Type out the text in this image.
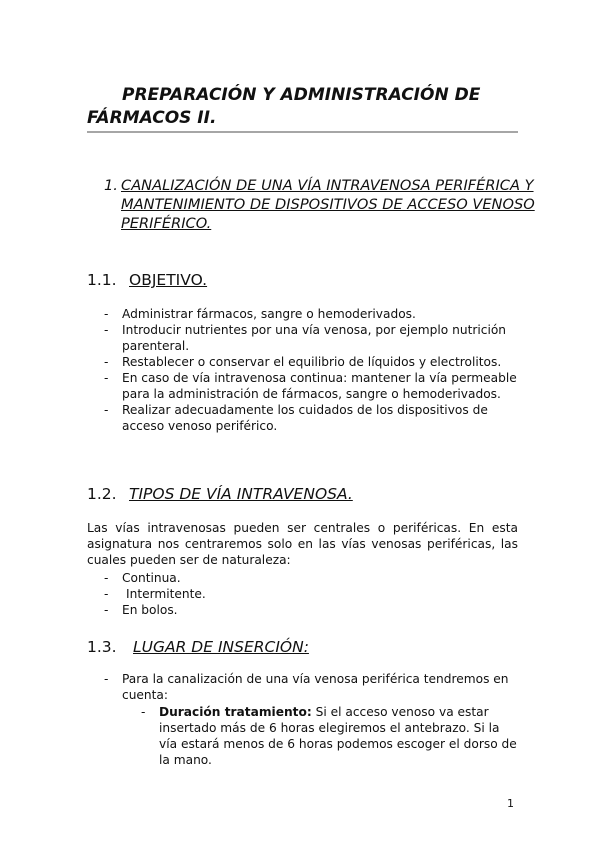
PREPARACIÓN Y ADMINISTRACIÓN DE FÁRMACOS II.
1. CANALIZACIÓN DE UNA VÍA INTRAVENOSA PERIFÉRICA Y MANTENIMIENTO DE DISPOSITIVOS DE ACCESO VENOSO PERIFÉRICO.
1.1. OBJETIVO.
- Administrar fármacos, sangre o hemoderivados.
- Introducir nutrientes por una vía venosa, por ejemplo nutrición parenteral.
- Restablecer o conservar el equilibrio de líquidos y electrolitos.
- En caso de vía intravenosa continua: mantener la vía permeable para la administración de fármacos, sangre o hemoderivados.
- Realizar adecuadamente los cuidados de los dispositivos de acceso venoso periférico.
1.2. TIPOS DE VÍA INTRAVENOSA.

Las vías intravenosas pueden ser centrales o periféricas. En esta asignatura nos centraremos solo en las vías venosas periféricas, las cuales pueden ser de naturaleza:

- Continua.
- Intermitente.
- En bolos.
1.3. LUGAR DE INSERCIÓN:
- Para la canalización de una vía venosa periférica tendremos en cuenta:
- Duración tratamiento: Si el acceso venoso va estar insertado más de 6 horas elegiremos el antebrazo. Si la vía estará menos de 6 horas podemos escoger el dorso de la mano.
1
